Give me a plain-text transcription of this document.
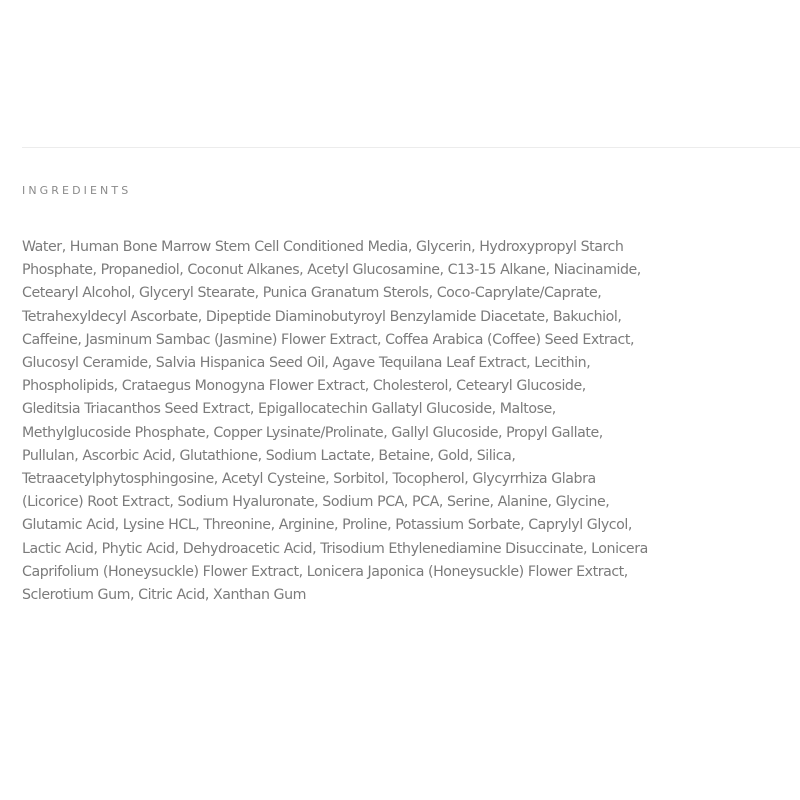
INGREDIENTS

Water, Human Bone Marrow Stem Cell Conditioned Media, Glycerin, Hydroxypropyl Starch
Phosphate, Propanediol, Coconut Alkanes, Acetyl Glucosamine, C13-15 Alkane, Niacinamide,
Cetearyl Alcohol, Glyceryl Stearate, Punica Granatum Sterols, Coco-Caprylate/Caprate,
Tetrahexyldecyl Ascorbate, Dipeptide Diaminobutyroyl Benzylamide Diacetate, Bakuchiol,
Caffeine, Jasminum Sambac (Jasmine) Flower Extract, Coffea Arabica (Coffee) Seed Extract,
Glucosyl Ceramide, Salvia Hispanica Seed Oil, Agave Tequilana Leaf Extract, Lecithin,
Phospholipids, Crataegus Monogyna Flower Extract, Cholesterol, Cetearyl Glucoside,
Gleditsia Triacanthos Seed Extract, Epigallocatechin Gallatyl Glucoside, Maltose,
Methylglucoside Phosphate, Copper Lysinate/Prolinate, Gallyl Glucoside, Propyl Gallate,
Pullulan, Ascorbic Acid, Glutathione, Sodium Lactate, Betaine, Gold, Silica,
Tetraacetylphytosphingosine, Acetyl Cysteine, Sorbitol, Tocopherol, Glycyrrhiza Glabra
(Licorice) Root Extract, Sodium Hyaluronate, Sodium PCA, PCA, Serine, Alanine, Glycine,
Glutamic Acid, Lysine HCL, Threonine, Arginine, Proline, Potassium Sorbate, Caprylyl Glycol,
Lactic Acid, Phytic Acid, Dehydroacetic Acid, Trisodium Ethylenediamine Disuccinate, Lonicera
Caprifolium (Honeysuckle) Flower Extract, Lonicera Japonica (Honeysuckle) Flower Extract,
Sclerotium Gum, Citric Acid, Xanthan Gum
